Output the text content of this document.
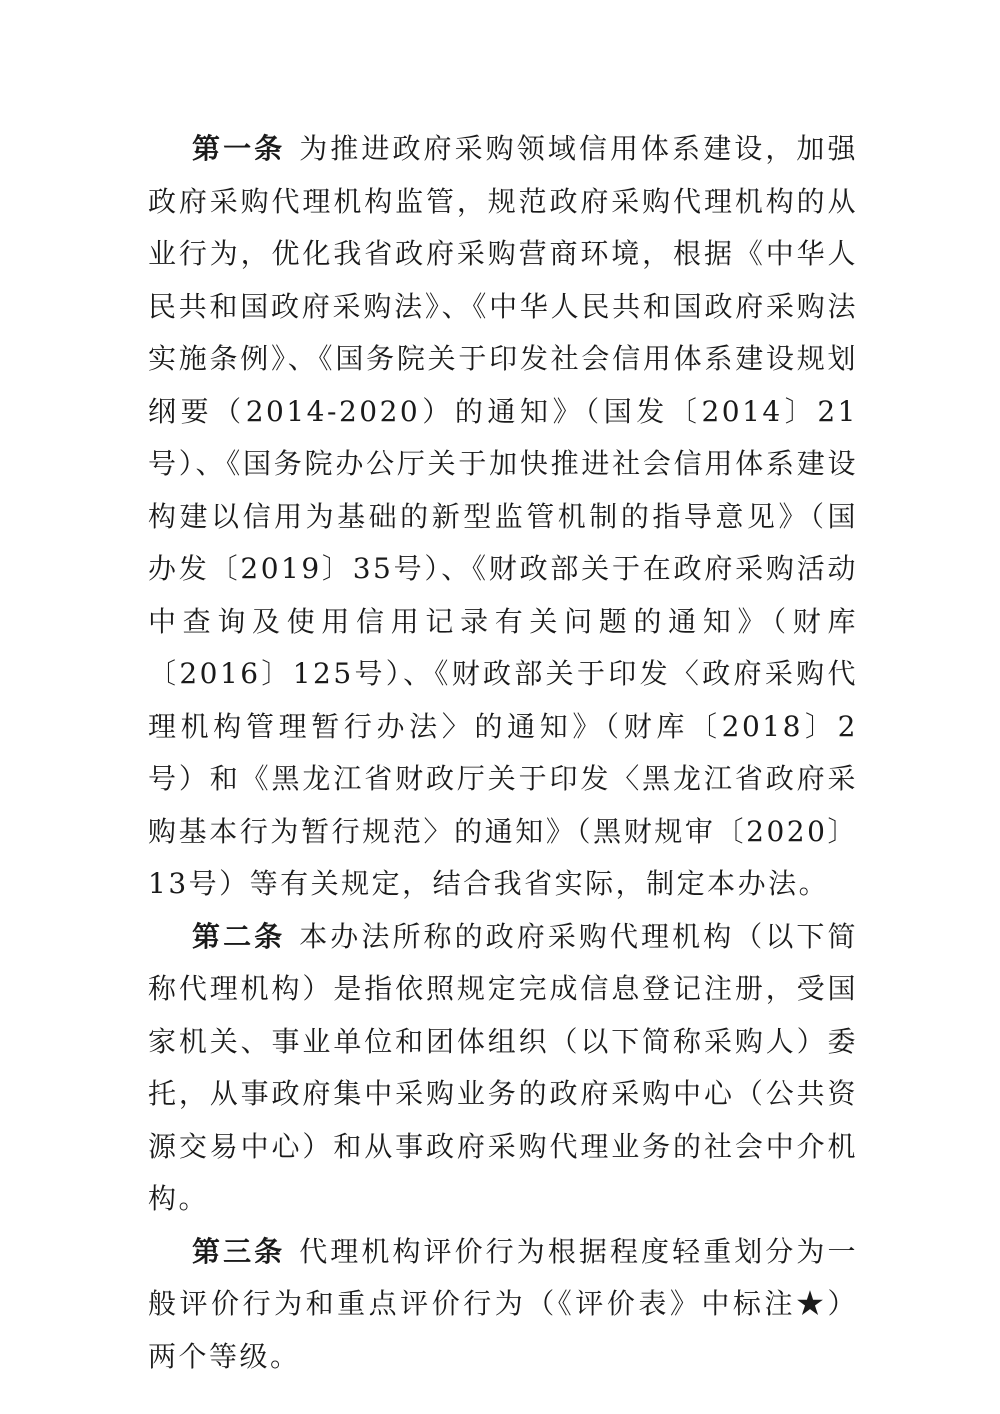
第一条 为推进政府采购领域信用体系建设，加强政府采购代理机构监管，规范政府采购代理机构的从业行为，优化我省政府采购营商环境，根据《中华人民共和国政府采购法》、《中华人民共和国政府采购法实施条例》、《国务院关于印发社会信用体系建设规划纲要（2014-2020）的通知》（国发〔2014〕21号）、《国务院办公厅关于加快推进社会信用体系建设构建以信用为基础的新型监管机制的指导意见》（国办发〔2019〕35号）、《财政部关于在政府采购活动中查询及使用信用记录有关问题的通知》（财库〔2016〕125号）、《财政部关于印发〈政府采购代理机构管理暂行办法〉的通知》（财库〔2018〕2号）和《黑龙江省财政厅关于印发〈黑龙江省政府采购基本行为暂行规范〉的通知》（黑财规审〔2020〕13号）等有关规定，结合我省实际，制定本办法。

第二条 本办法所称的政府采购代理机构（以下简称代理机构）是指依照规定完成信息登记注册，受国家机关、事业单位和团体组织（以下简称采购人）委托，从事政府集中采购业务的政府采购中心（公共资源交易中心）和从事政府采购代理业务的社会中介机构。

第三条 代理机构评价行为根据程度轻重划分为一般评价行为和重点评价行为（《评价表》中标注★）两个等级。
